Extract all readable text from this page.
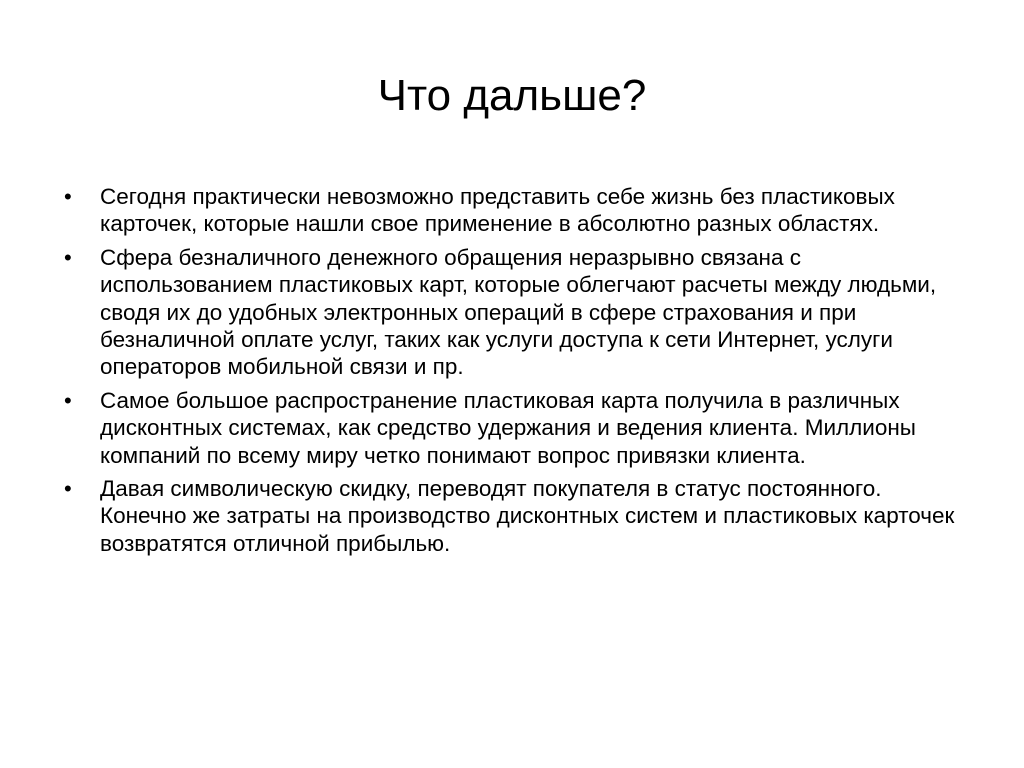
Что дальше?
• Сегодня практически невозможно представить себе жизнь без пластиковых карточек, которые нашли свое применение в абсолютно разных областях.
• Сфера безналичного денежного обращения неразрывно связана с использованием пластиковых карт, которые облегчают расчеты между людьми, сводя их до удобных электронных операций в сфере страхования и при безналичной оплате услуг, таких как услуги доступа к сети Интернет, услуги операторов мобильной связи и пр.
• Самое большое распространение пластиковая карта получила в различных дисконтных системах, как средство удержания и ведения клиента. Миллионы компаний по всему миру четко понимают вопрос привязки клиента.
• Давая символическую скидку, переводят покупателя в статус постоянного. Конечно же затраты на производство дисконтных систем и пластиковых карточек возвратятся отличной прибылью.
